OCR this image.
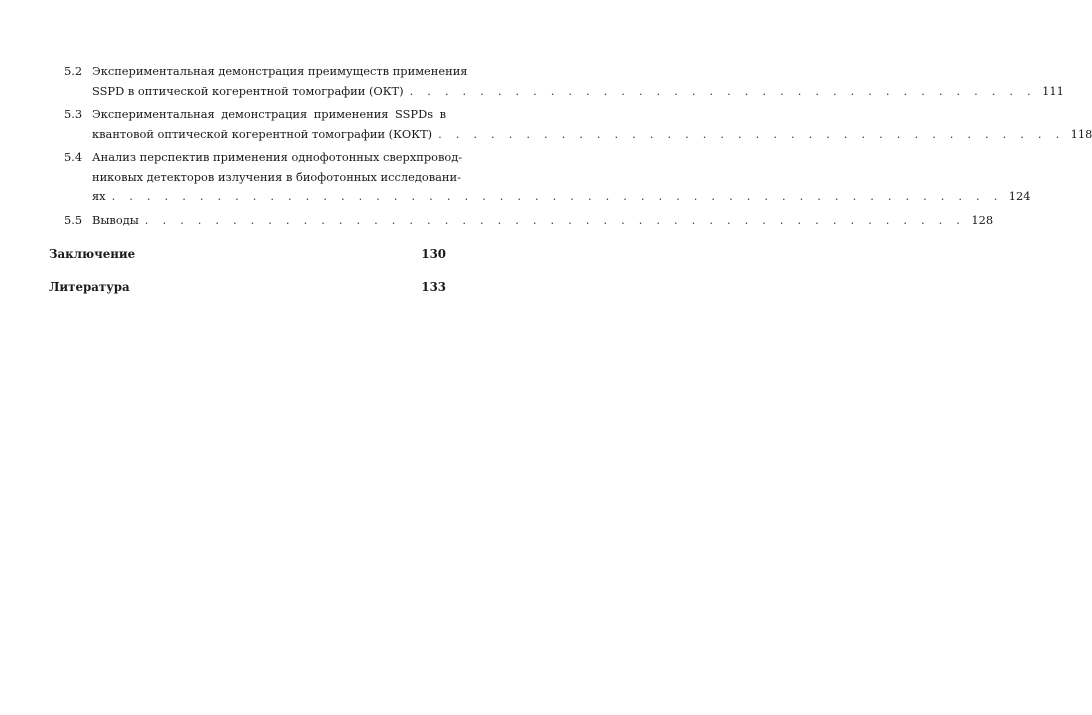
5.2 Экспериментальная демонстрация преимуществ применения
SSPD в оптической когерентной томографии (ОКТ) . . . . . . . . . . . . . . . . . . . . . . . . . . . . . . . . . . . . 111
5.3 Экспериментальная демонстрация применения SSPDs в
квантовой оптической когерентной томографии (КОКТ) . . . . . . . . . . . . . . . . . . . . . . . . . . . . . . . . . . . . 118
5.4 Анализ перспектив применения однофотонных сверхпровод-
никовых детекторов излучения в биофотонных исследовани-
ях . . . . . . . . . . . . . . . . . . . . . . . . . . . . . . . . . . . . . . . . . . . . . . . . . . . 124
5.5 Выводы . . . . . . . . . . . . . . . . . . . . . . . . . . . . . . . . . . . . . . . . . . . . . . . 128
Заключение	130
Литература	133
